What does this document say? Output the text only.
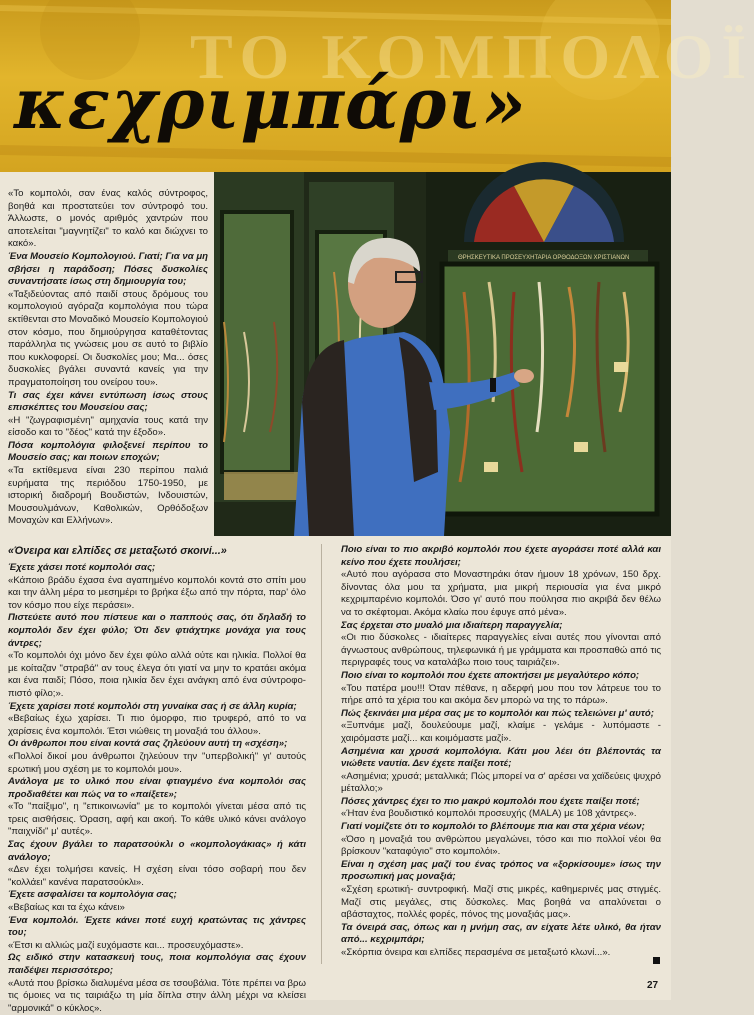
ΤΟ ΚΟΜΠΟΛΟΪ
κεχριμπάρι»
ΘΡΗΣΚΕΥΤΙΚΑ ΠΡΟΣΕΥΧΗΤΑΡΙΑ ΟΡΘΟΔΟΞΩΝ ΧΡΙΣΤΙΑΝΩΝ

«Το κομπολόι, σαν ένας καλός σύντροφος, βοηθά και προστατεύει τον σύντροφό του. Άλλωστε, ο μονός αριθμός χαντρών που αποτελείται "μαγνητίζει" το καλό και διώχνει το κακό».

Ένα Μουσείο Κομπολογιού. Γιατί; Για να μη σβήσει η παράδοση; Πόσες δυσκολίες συναντήσατε ίσως στη δημιουργία του;

«Ταξιδεύοντας από παιδί στους δρόμους του κομπολογιού αγόραζα κομπολόγια που τώρα εκτίθενται στο Μοναδικό Μουσείο Κομπολογιού στον κόσμο, που δημιούργησα καταθέτοντας παράλληλα τις γνώσεις μου σε αυτό το βιβλίο που κυκλοφορεί. Οι δυσκολίες μου; Μα... όσες δυσκολίες βγάλει συναντά κανείς για την πραγματοποίηση του ονείρου του».

Τι σας έχει κάνει εντύπωση ίσως στους επισκέπτες του Μουσείου σας;

«Η "ζωγραφισμένη" αμηχανία τους κατά την είσοδο και το "δέος" κατά την έξοδο».

Πόσα κομπολόγια φιλοξενεί περίπου το Μουσείο σας; και ποιων εποχών;

«Τα εκτίθεμενα είναι 230 περίπου παλιά ευρήματα της περιόδου 1750-1950, με ιστορική διαδρομή Βουδιστών, Ινδουιστών, Μουσουλμάνων, Καθολικών, Ορθόδοξων Μοναχών και Ελλήνων».

«Όνειρα και ελπίδες σε μεταξωτό σκοινί...»

Έχετε χάσει ποτέ κομπολόι σας;

«Κάποιο βράδυ έχασα ένα αγαπημένο κομπολόι κοντά στο σπίτι μου και την άλλη μέρα το μεσημέρι το βρήκα έξω από την πόρτα, παρ' όλο τον κόσμο που είχε περάσει».

Πιστεύετε αυτό που πίστευε και ο παππούς σας, ότι δηλαδή το κομπολόι δεν έχει φύλο; Ότι δεν φτιάχτηκε μονάχα για τους άντρες;

«Το κομπολόι όχι μόνο δεν έχει φύλο αλλά ούτε και ηλικία. Πολλοί θα με κοίταζαν "στραβά" αν τους έλεγα ότι γιατί να μην το κρατάει ακόμα και ένα παιδί; Πόσο, ποια ηλικία δεν έχει ανάγκη από ένα σύντροφο- πιστό φίλο;».

Έχετε χαρίσει ποτέ κομπολόι στη γυναίκα σας ή σε άλλη κυρία;

«Βεβαίως έχω χαρίσει. Τι πιο όμορφο, πιο τρυφερό, από το να χαρίσεις ένα κομπολόι. Έτσι νιώθεις τη μοναξιά του άλλου».

Οι άνθρωποι που είναι κοντά σας ζηλεύουν αυτή τη «σχέση»;

«Πολλοί δικοί μου άνθρωποι ζηλεύουν την "υπερβολική" γι' αυτούς ερωτική μου σχέση με το κομπολόι μου».

Ανάλογα με το υλικό που είναι φτιαγμένο ένα κομπολόι σας προδιαθέτει και πώς να το «παίξετε»;

«Το "παίξιμο", η "επικοινωνία" με το κομπολόι γίνεται μέσα από τις τρεις αισθήσεις. Όραση, αφή και ακοή. Το κάθε υλικό κάνει ανάλογο "παιχνίδι" μ' αυτές».

Σας έχουν βγάλει το παρατσούκλι ο «κομπολογάκιας» ή κάτι ανάλογο;

«Δεν έχει τολμήσει κανείς. Η σχέση είναι τόσο σοβαρή που δεν "κολλάει" κανένα παρατσούκλι».

Έχετε ασφαλίσει τα κομπολόγια σας;

«Βεβαίως και τα έχω κάνει»

Ένα κομπολόι. Έχετε κάνει ποτέ ευχή κρατώντας τις χάντρες του;

«Έτσι κι αλλιώς μαζί ευχόμαστε και... προσευχόμαστε».

Ως ειδικό στην κατασκευή τους, ποια κομπολόγια σας έχουν παιδέψει περισσότερο;

«Αυτά που βρίσκω διαλυμένα μέσα σε τσουβάλια. Τότε πρέπει να βρω τις όμοιες να τις ταιριάξω τη μία δίπλα στην άλλη μέχρι να κλείσει "αρμονικά" ο κύκλος».

Ποιο είναι το πιο ακριβό κομπολόι που έχετε αγοράσει ποτέ αλλά και κείνο που έχετε πουλήσει;

«Αυτό που αγόρασα στο Μοναστηράκι όταν ήμουν 18 χρόνων, 150 δρχ. δίνοντας όλα μου τα χρήματα, μια μικρή περιουσία για ένα μικρό κεχριμπαρένιο κομπολόι. Όσο γι' αυτό που πούλησα πιο ακριβά δεν θέλω να το σκέφτομαι. Ακόμα κλαίω που έφυγε από μένα».

Σας έρχεται στο μυαλό μια ιδιαίτερη παραγγελία;

«Οι πιο δύσκολες - ιδιαίτερες παραγγελίες είναι αυτές που γίνονται από άγνωστους ανθρώπους, τηλεφωνικά ή με γράμματα και προσπαθώ από τις περιγραφές τους να καταλάβω ποιο τους ταιριάζει».

Ποιο είναι το κομπολόι που έχετε αποκτήσει με μεγαλύτερο κόπο;

«Του πατέρα μου!!! Όταν πέθανε, η αδερφή μου που τον λάτρευε του το πήρε από τα χέρια του και ακόμα δεν μπορώ να της το πάρω».

Πώς ξεκινάει μια μέρα σας με το κομπολόι και πώς τελειώνει μ' αυτό;

«Ξυπνάμε μαζί, δουλεύουμε μαζί, κλαίμε - γελάμε - λυπόμαστε - χαιρόμαστε μαζί... και κοιμόμαστε μαζί».

Ασημένια και χρυσά κομπολόγια. Κάτι μου λέει ότι βλέποντάς τα νιώθετε ναυτία. Δεν έχετε παίξει ποτέ;

«Ασημένια; χρυσά; μεταλλικά; Πώς μπορεί να σ' αρέσει να χαϊδεύεις ψυχρό μέταλλο;»

Πόσες χάντρες έχει το πιο μακρύ κομπολόι που έχετε παίξει ποτέ;

«Ήταν ένα βουδιστικό κομπολόι προσευχής (MALA) με 108 χάντρες».

Γιατί νομίζετε ότι το κομπολόι το βλέπουμε πια και στα χέρια νέων;

«Όσο η μοναξιά του ανθρώπου μεγαλώνει, τόσο και πιο πολλοί νέοι θα βρίσκουν "καταφύγιο" στο κομπολόι».

Είναι η σχέση μας μαζί του ένας τρόπος να «ξορκίσουμε» ίσως την προσωπική μας μοναξιά;

«Σχέση ερωτική- συντροφική. Μαζί στις μικρές, καθημερινές μας στιγμές. Μαζί στις μεγάλες, στις δύσκολες. Μας βοηθά να απαλύνεται ο αβάσταχτος, πολλές φορές, πόνος της μοναξιάς μας».

Τα όνειρά σας, όπως και η μνήμη σας, αν είχατε λέτε υλικό, θα ήταν από... κεχριμπάρι;

«Σκόρπια όνειρα και ελπίδες περασμένα σε μεταξωτό κλωνί...».

27
